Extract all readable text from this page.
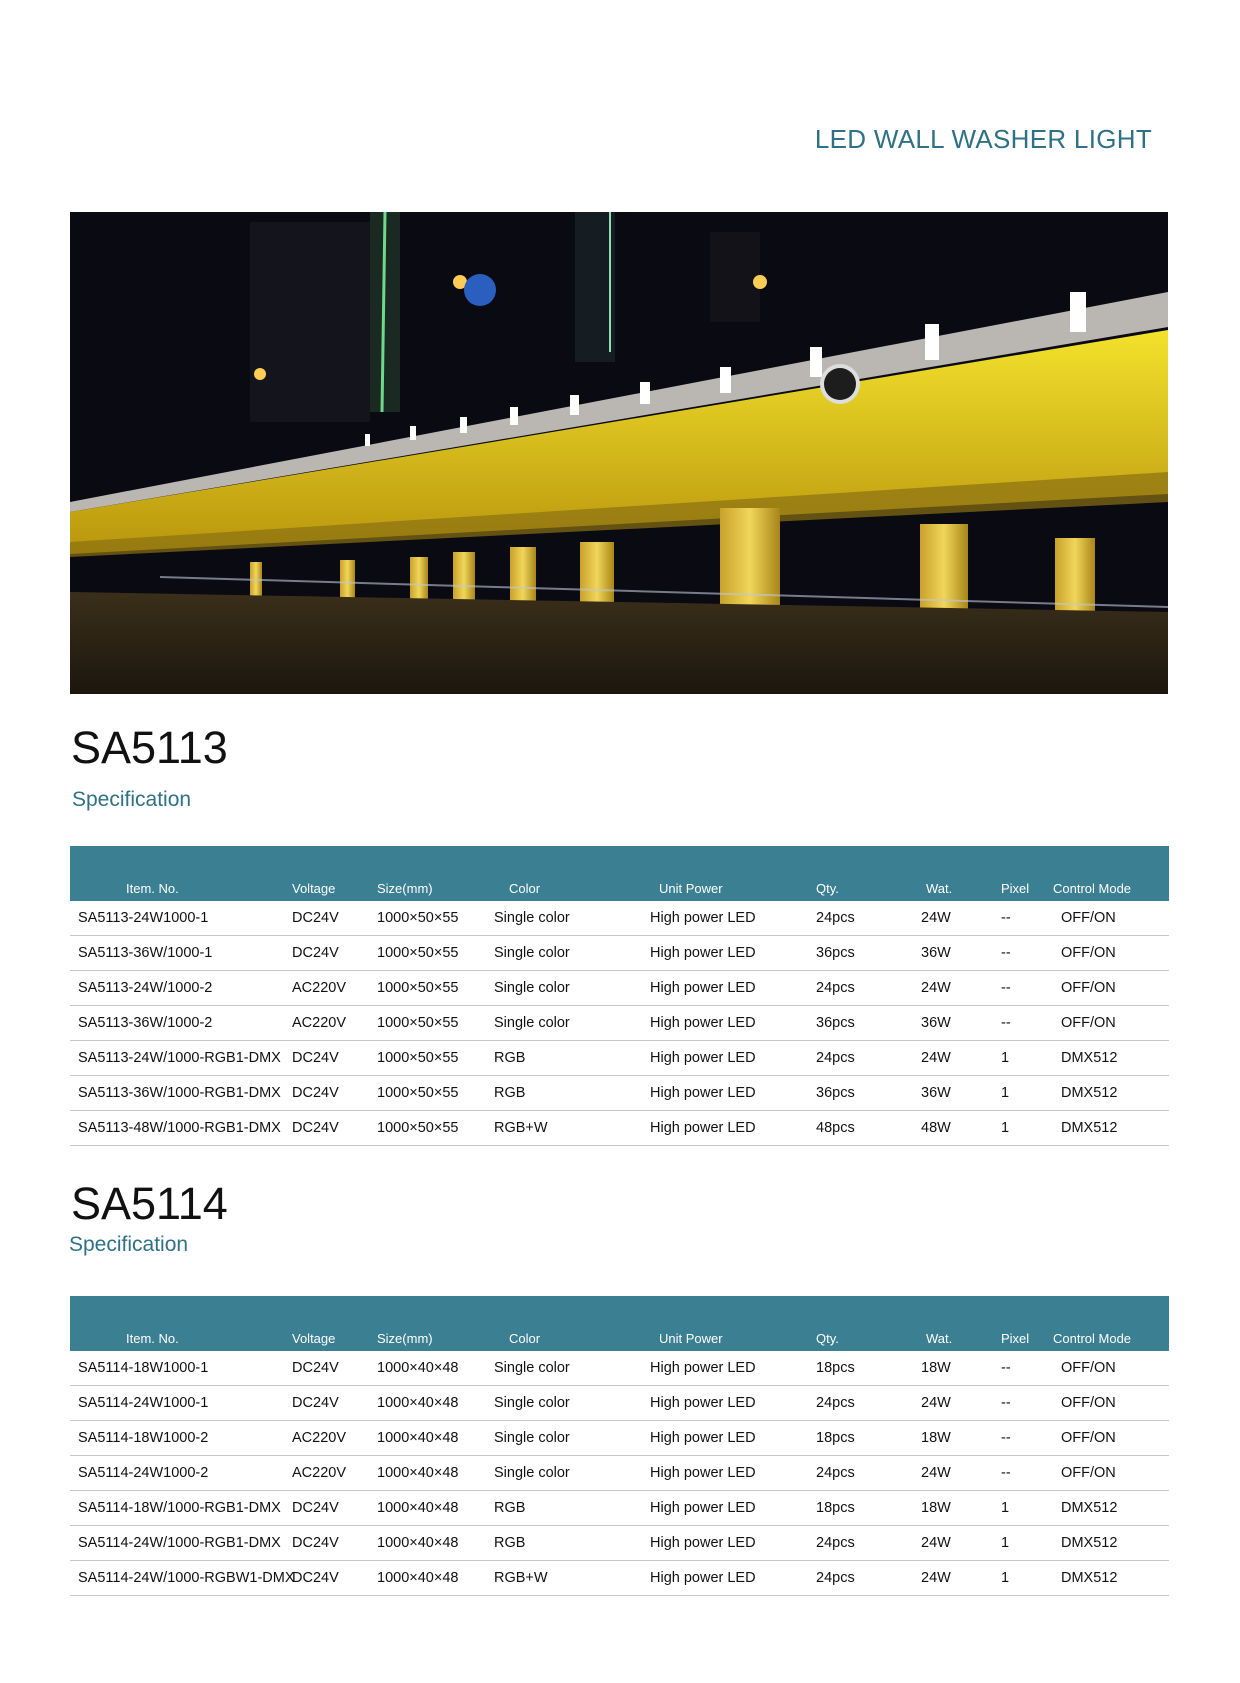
LED WALL WASHER LIGHT
SA5113
Specification
Item. No.	Voltage	Size(mm)	Color	Unit Power	Qty.	Wat.	Pixel	Control Mode
SA5113-24W1000-1	DC24V	1000×50×55	Single color	High power LED	24pcs	24W	--	OFF/ON
SA5113-36W/1000-1	DC24V	1000×50×55	Single color	High power LED	36pcs	36W	--	OFF/ON
SA5113-24W/1000-2	AC220V	1000×50×55	Single color	High power LED	24pcs	24W	--	OFF/ON
SA5113-36W/1000-2	AC220V	1000×50×55	Single color	High power LED	36pcs	36W	--	OFF/ON
SA5113-24W/1000-RGB1-DMX	DC24V	1000×50×55	RGB	High power LED	24pcs	24W	1	DMX512
SA5113-36W/1000-RGB1-DMX	DC24V	1000×50×55	RGB	High power LED	36pcs	36W	1	DMX512
SA5113-48W/1000-RGB1-DMX	DC24V	1000×50×55	RGB+W	High power LED	48pcs	48W	1	DMX512
SA5114
Specification
Item. No.	Voltage	Size(mm)	Color	Unit Power	Qty.	Wat.	Pixel	Control Mode
SA5114-18W1000-1	DC24V	1000×40×48	Single color	High power LED	18pcs	18W	--	OFF/ON
SA5114-24W1000-1	DC24V	1000×40×48	Single color	High power LED	24pcs	24W	--	OFF/ON
SA5114-18W1000-2	AC220V	1000×40×48	Single color	High power LED	18pcs	18W	--	OFF/ON
SA5114-24W1000-2	AC220V	1000×40×48	Single color	High power LED	24pcs	24W	--	OFF/ON
SA5114-18W/1000-RGB1-DMX	DC24V	1000×40×48	RGB	High power LED	18pcs	18W	1	DMX512
SA5114-24W/1000-RGB1-DMX	DC24V	1000×40×48	RGB	High power LED	24pcs	24W	1	DMX512
SA5114-24W/1000-RGBW1-DMX	DC24V	1000×40×48	RGB+W	High power LED	24pcs	24W	1	DMX512
